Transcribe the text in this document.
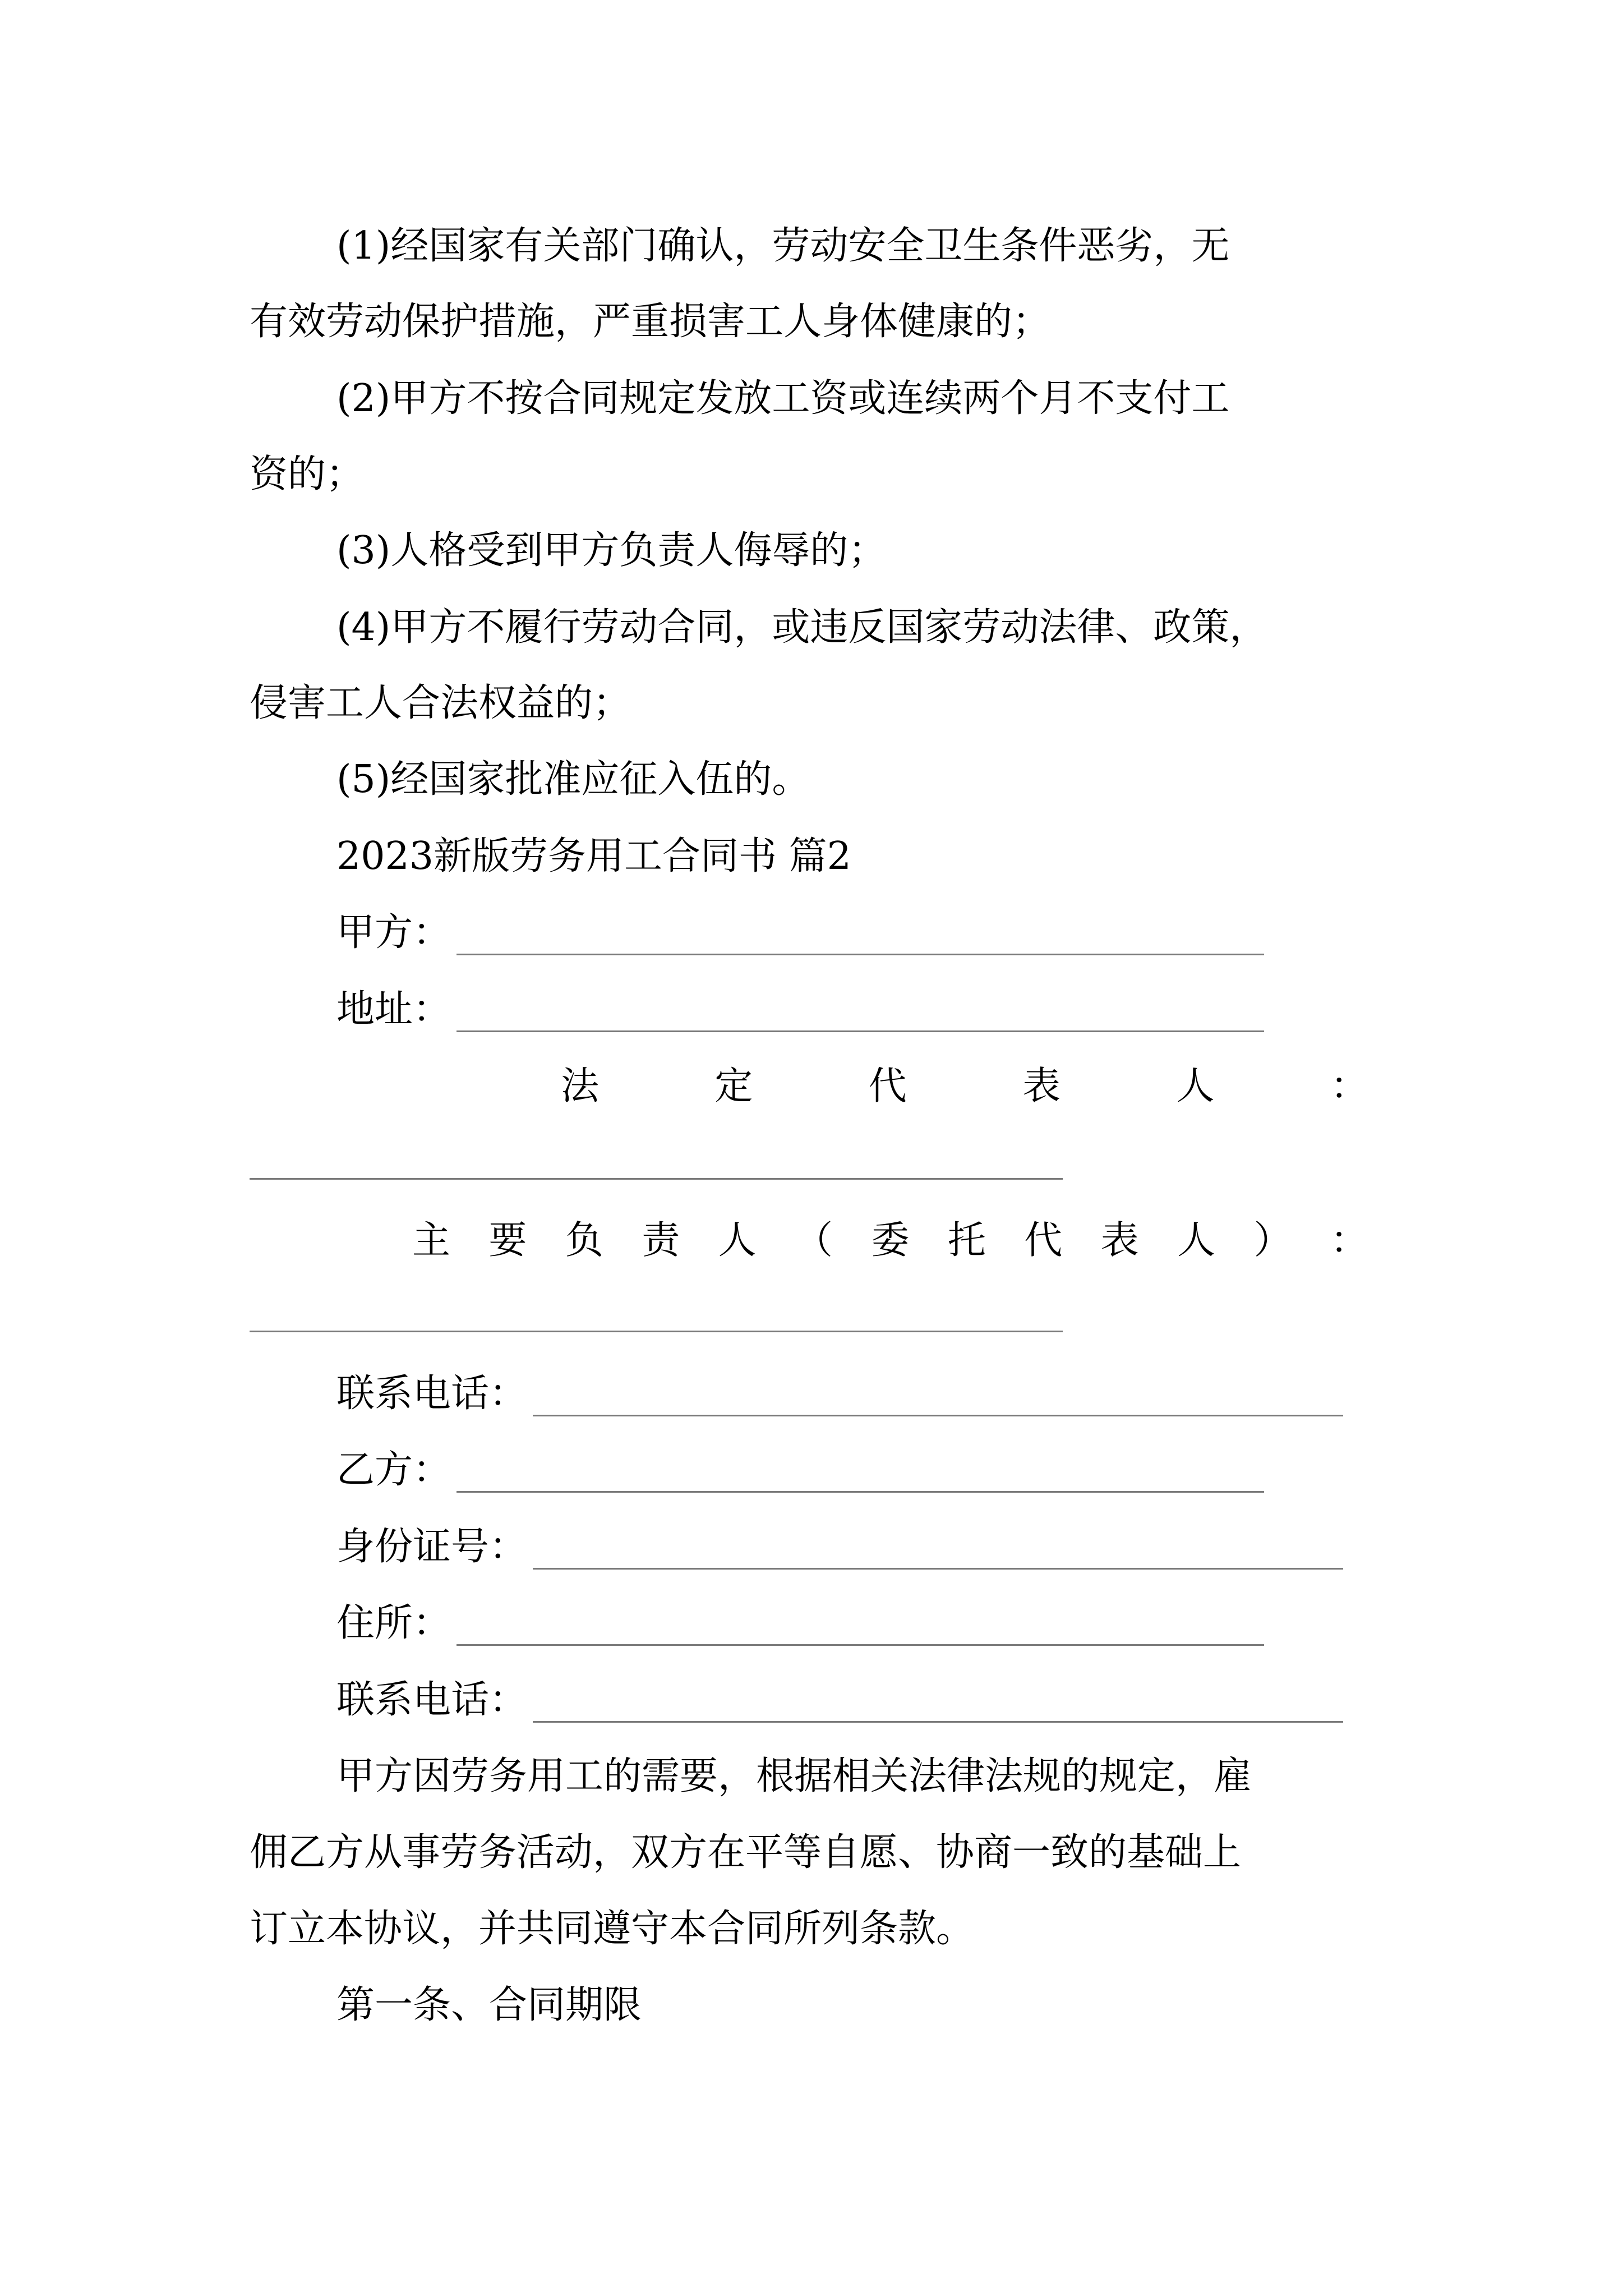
(1)经国家有关部门确认，劳动安全卫生条件恶劣，无
有效劳动保护措施，严重损害工人身体健康的；
(2)甲方不按合同规定发放工资或连续两个月不支付工
资的；
(3)人格受到甲方负责人侮辱的；
(4)甲方不履行劳动合同，或违反国家劳动法律、政策，
侵害工人合法权益的；
(5)经国家批准应征入伍的。
2023新版劳务用工合同书 篇2
甲方：
地址：
法	定	代	表	人	：
主 要 负 责 人 （ 委 托 代 表 人 ） ：
联系电话：
乙方：
身份证号：
住所：
联系电话：
甲方因劳务用工的需要，根据相关法律法规的规定，雇
佣乙方从事劳务活动，双方在平等自愿、协商一致的基础上
订立本协议，并共同遵守本合同所列条款。
第一条、合同期限
